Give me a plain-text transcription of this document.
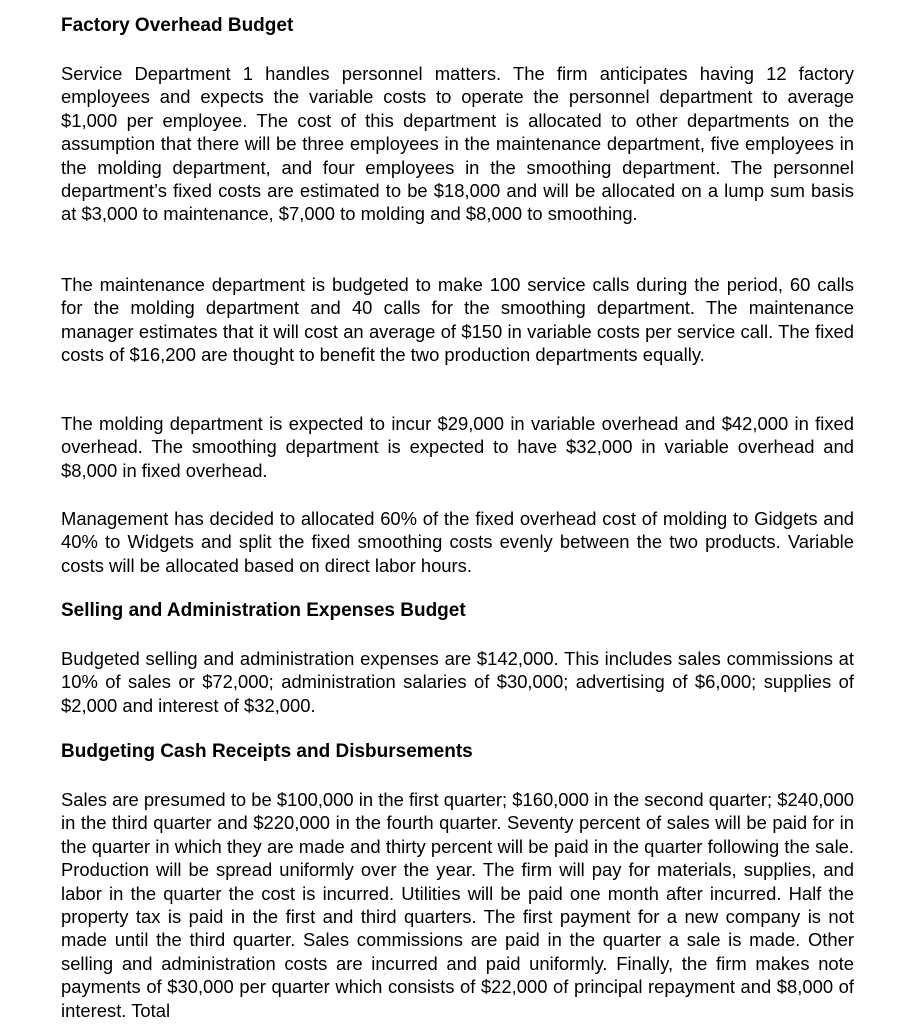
Factory Overhead Budget

Service Department 1 handles personnel matters. The firm anticipates having 12 factory employees and expects the variable costs to operate the personnel department to average $1,000 per employee. The cost of this department is allocated to other departments on the assumption that there will be three employees in the maintenance department, five employees in the molding department, and four employees in the smoothing department. The personnel department’s fixed costs are estimated to be $18,000 and will be allocated on a lump sum basis at $3,000 to maintenance, $7,000 to molding and $8,000 to smoothing.

The maintenance department is budgeted to make 100 service calls during the period, 60 calls for the molding department and 40 calls for the smoothing department. The maintenance manager estimates that it will cost an average of $150 in variable costs per service call. The fixed costs of $16,200 are thought to benefit the two production departments equally.

The molding department is expected to incur $29,000 in variable overhead and $42,000 in fixed overhead. The smoothing department is expected to have $32,000 in variable overhead and $8,000 in fixed overhead.

Management has decided to allocated 60% of the fixed overhead cost of molding to Gidgets and 40% to Widgets and split the fixed smoothing costs evenly between the two products. Variable costs will be allocated based on direct labor hours.

Selling and Administration Expenses Budget

Budgeted selling and administration expenses are $142,000. This includes sales commissions at 10% of sales or $72,000; administration salaries of $30,000; advertising of $6,000; supplies of $2,000 and interest of $32,000.

Budgeting Cash Receipts and Disbursements

Sales are presumed to be $100,000 in the first quarter; $160,000 in the second quarter; $240,000 in the third quarter and $220,000 in the fourth quarter. Seventy percent of sales will be paid for in the quarter in which they are made and thirty percent will be paid in the quarter following the sale. Production will be spread uniformly over the year. The firm will pay for materials, supplies, and labor in the quarter the cost is incurred. Utilities will be paid one month after incurred. Half the property tax is paid in the first and third quarters. The first payment for a new company is not made until the third quarter. Sales commissions are paid in the quarter a sale is made. Other selling and administration costs are incurred and paid uniformly. Finally, the firm makes note payments of $30,000 per quarter which consists of $22,000 of principal repayment and $8,000 of interest. Total
